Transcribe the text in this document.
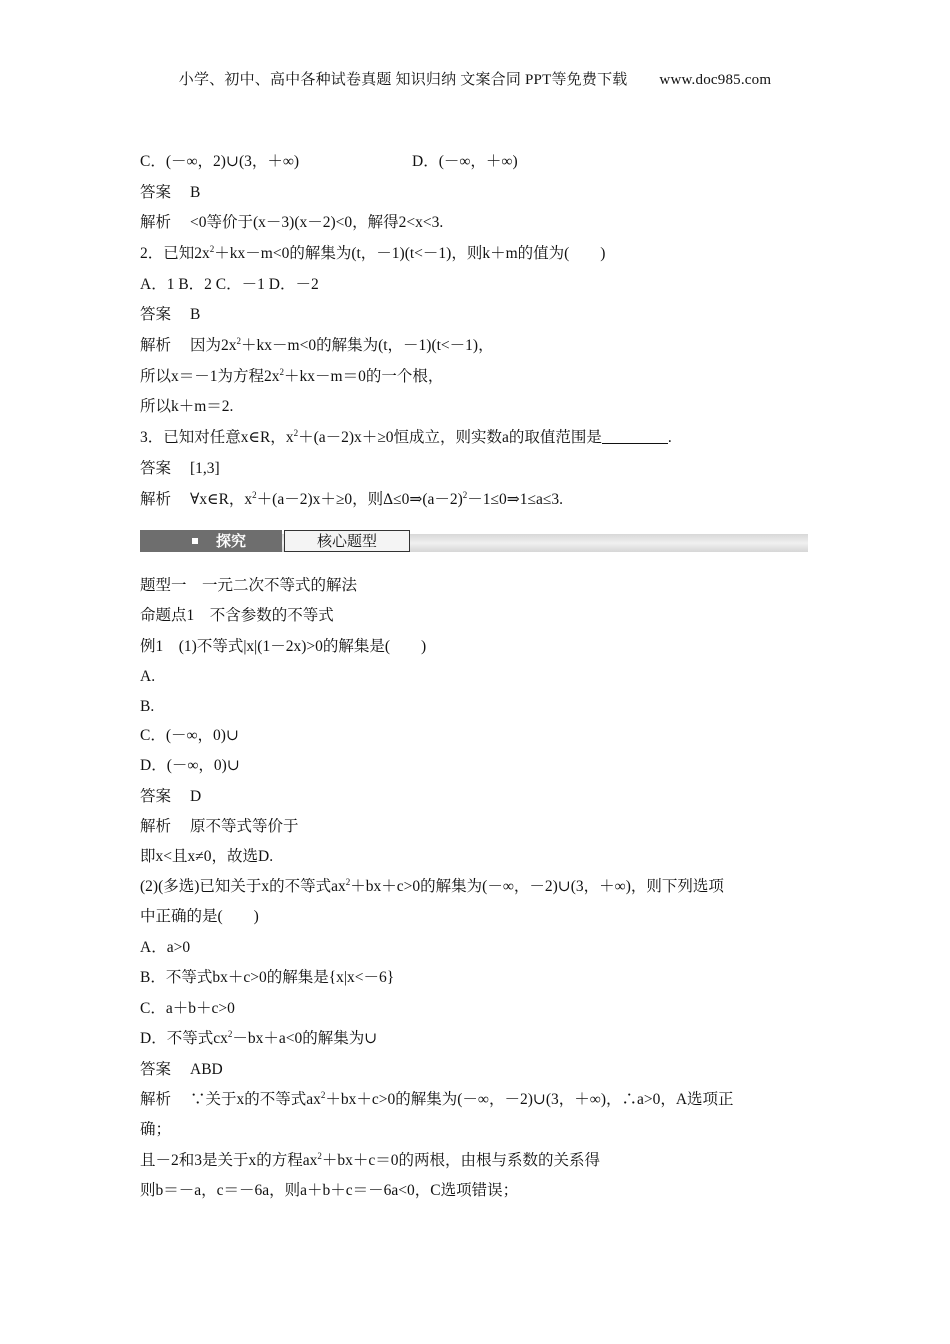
小学、初中、高中各种试卷真题 知识归纳 文案合同 PPT等免费下载 www.doc985.com
C．(－∞，2)∪(3，＋∞)	D．(－∞，＋∞)
答案 B
解析 <0等价于(x－3)(x－2)<0，解得2<x<3.
2．已知$2x^2+kx-m<0$的解集为(t，－1)(t<－1)，则k＋m的值为(　　)
A．1 B．2 C．－1 D．－2
答案 B
解析 因为$2x^2+kx-m<0$的解集为(t，－1)(t<－1)，
所以x＝－1为方程$2x^2+kx-m=0$的一个根，
所以k＋m＝2.
3．已知对任意x∈R，$x^2+(a-2)x+\ge 0$恒成立，则实数a的取值范围是	.
答案 [1,3]
解析 ∀x∈R，$x^2+(a-2)x+\ge 0$，则$\Delta\le 0\Rightarrow(a-2)^2-1\le 0\Rightarrow 1\le a\le 3$.
探究	核心题型
题型一　一元二次不等式的解法
命题点1　不含参数的不等式
例1　(1)不等式|x|(1－2x)>0的解集是(　　)
A.
B.
C．(－∞，0)∪
D．(－∞，0)∪
答案 D
解析 原不等式等价于
即x<且x≠0，故选D.
(2)(多选)已知关于x的不等式$ax^2+bx+c>0$的解集为(－∞，－2)∪(3，＋∞)，则下列选项
中正确的是(　　)
A．a>0
B．不等式bx＋c>0的解集是{x|x<－6}
C．a＋b＋c>0
D．不等式$cx^2-bx+a<0$的解集为∪
答案 ABD
解析 ∵关于x的不等式$ax^2+bx+c>0$的解集为(－∞，－2)∪(3，＋∞)，∴a>0，A选项正
确；
且－2和3是关于x的方程$ax^2+bx+c=0$的两根，由根与系数的关系得
则b＝－a，c＝－6a，则a＋b＋c＝－6a<0，C选项错误；
